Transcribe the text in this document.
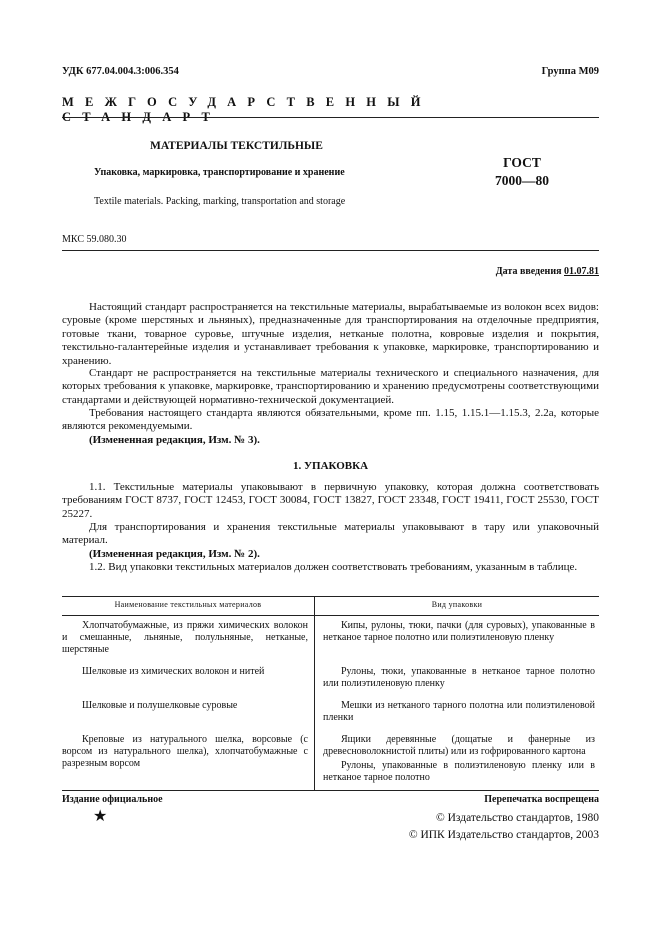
УДК 677.04.004.3:006.354	Группа М09
МЕЖГОСУДАРСТВЕННЫЙ СТАНДАРТ
МАТЕРИАЛЫ ТЕКСТИЛЬНЫЕ
Упаковка, маркировка, транспортирование и хранение
Textile materials. Packing, marking, transportation and storage
ГОСТ
7000—80
МКС 59.080.30
Дата введения 01.07.81
Настоящий стандарт распространяется на текстильные материалы, вырабатываемые из волокон всех видов: суровые (кроме шерстяных и льняных), предназначенные для транспортирования на отделочные предприятия, готовые ткани, товарное суровье, штучные изделия, нетканые полотна, ковровые изделия и покрытия, текстильно-галантерейные изделия и устанавливает требования к упаковке, маркировке, транспортированию и хранению.
Стандарт не распространяется на текстильные материалы технического и специального назначения, для которых требования к упаковке, маркировке, транспортированию и хранению предусмотрены соответствующими стандартами и действующей нормативно-технической документацией.
Требования настоящего стандарта являются обязательными, кроме пп. 1.15, 1.15.1—1.15.3, 2.2а, которые являются рекомендуемыми.
(Измененная редакция, Изм. № 3).
1. УПАКОВКА
1.1. Текстильные материалы упаковывают в первичную упаковку, которая должна соответствовать требованиям ГОСТ 8737, ГОСТ 12453, ГОСТ 30084, ГОСТ 13827, ГОСТ 23348, ГОСТ 19411, ГОСТ 25530, ГОСТ 25227.
Для транспортирования и хранения текстильные материалы упаковывают в тару или упаковочный материал.
(Измененная редакция, Изм. № 2).
1.2. Вид упаковки текстильных материалов должен соответствовать требованиям, указанным в таблице.
Наименование текстильных материалов	Вид упаковки
Хлопчатобумажные, из пряжи химических волокон и смешанные, льняные, полульняные, нетканые, шерстяные	Кипы, рулоны, тюки, пачки (для суровых), упакованные в нетканое тарное полотно или полиэтиленовую пленку

Шелковые из химических волокон и нитей	Рулоны, тюки, упакованные в нетканое тарное полотно или полиэтиленовую пленку

Шелковые и полушелковые суровые	Мешки из нетканого тарного полотна или полиэтиленовой пленки

Креповые из натурального шелка, ворсовые (с ворсом из натурального шелка), хлопчатобумажные с разрезным ворсом	Ящики деревянные (дощатые и фанерные из древесноволокнистой плиты) или из гофрированного картона
Рулоны, упакованные в полиэтиленовую пленку или в нетканое тарное полотно
Издание официальное
★
Перепечатка воспрещена
© Издательство стандартов, 1980
© ИПК Издательство стандартов, 2003
